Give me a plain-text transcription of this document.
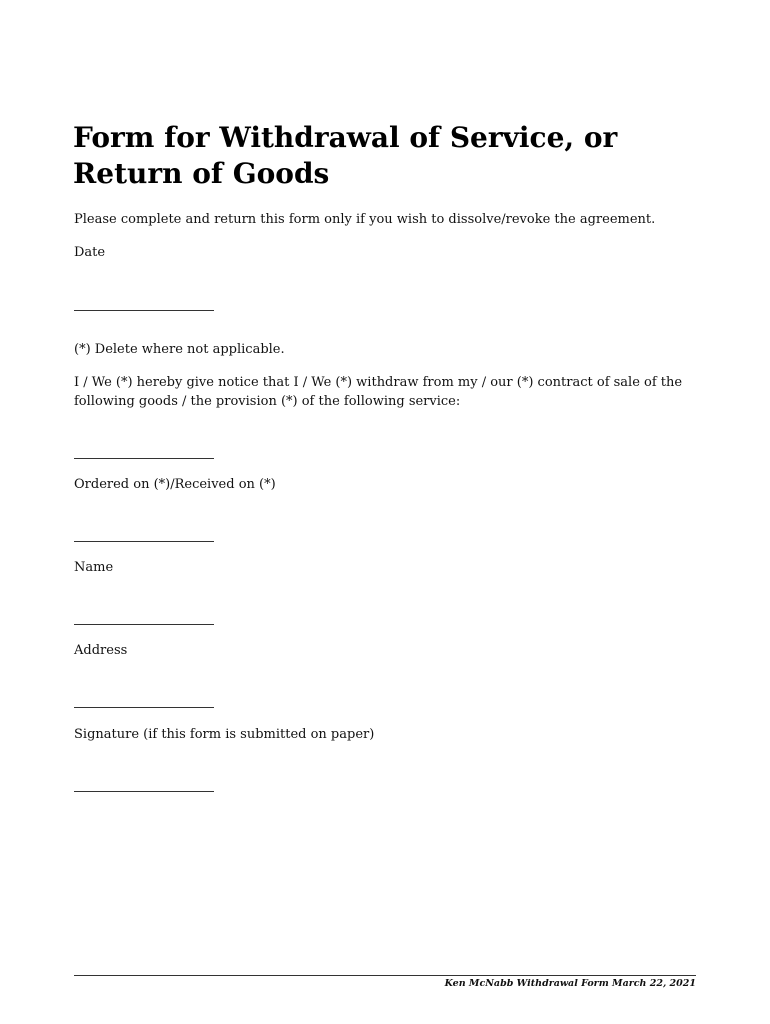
Form for Withdrawal of Service, or Return of Goods

Please complete and return this form only if you wish to dissolve/revoke the agreement.

Date

(*) Delete where not applicable.

I / We (*) hereby give notice that I / We (*) withdraw from my / our (*) contract of sale of the following goods / the provision (*) of the following service:

Ordered on (*)/Received on (*)

Name

Address

Signature (if this form is submitted on paper)

Ken McNabb Withdrawal Form March 22, 2021
